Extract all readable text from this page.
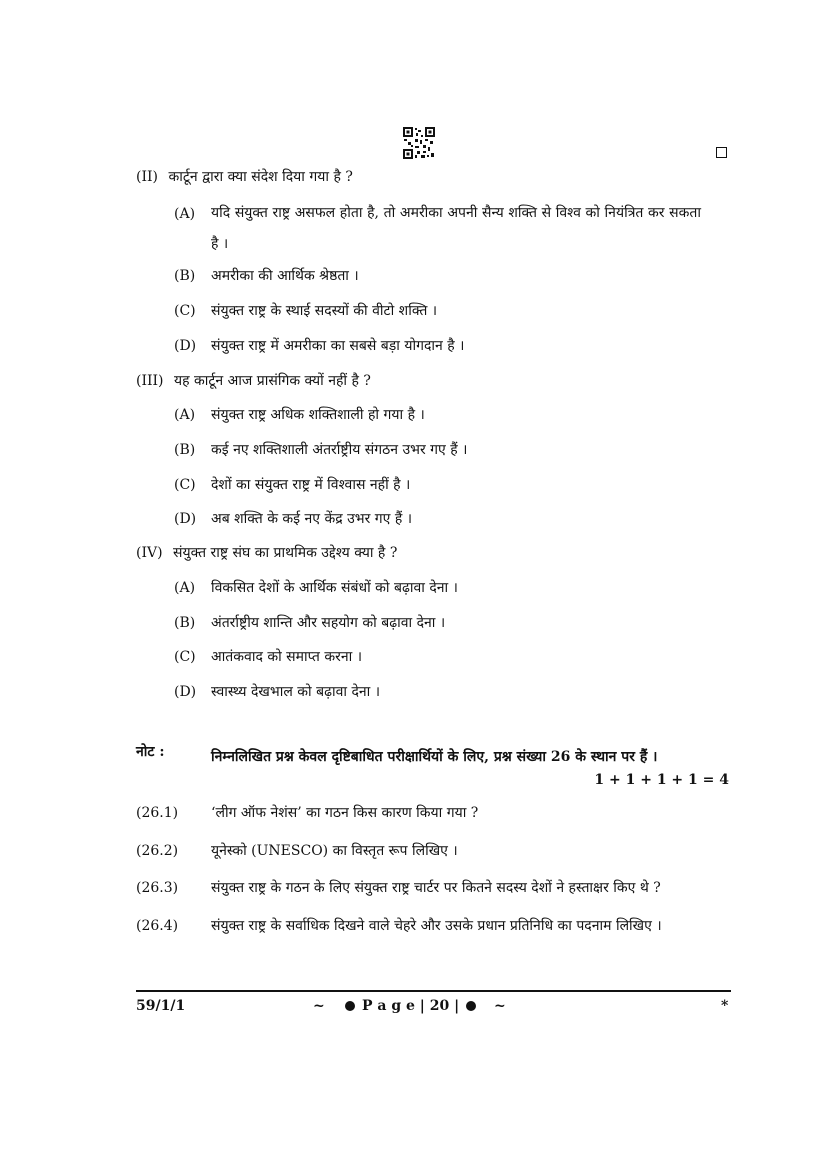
(II) कार्टून द्वारा क्या संदेश दिया गया है ?
(A)	यदि संयुक्त राष्ट्र असफल होता है, तो अमरीका अपनी सैन्य शक्ति से विश्व को नियंत्रित कर सकता है ।
(B)	अमरीका की आर्थिक श्रेष्ठता ।
(C)	संयुक्त राष्ट्र के स्थाई सदस्यों की वीटो शक्ति ।
(D)	संयुक्त राष्ट्र में अमरीका का सबसे बड़ा योगदान है ।
(III) यह कार्टून आज प्रासंगिक क्यों नहीं है ?
(A)	संयुक्त राष्ट्र अधिक शक्तिशाली हो गया है ।
(B)	कई नए शक्तिशाली अंतर्राष्ट्रीय संगठन उभर गए हैं ।
(C)	देशों का संयुक्त राष्ट्र में विश्वास नहीं है ।
(D)	अब शक्ति के कई नए केंद्र उभर गए हैं ।
(IV) संयुक्त राष्ट्र संघ का प्राथमिक उद्देश्य क्या है ?
(A)	विकसित देशों के आर्थिक संबंधों को बढ़ावा देना ।
(B)	अंतर्राष्ट्रीय शान्ति और सहयोग को बढ़ावा देना ।
(C)	आतंकवाद को समाप्त करना ।
(D)	स्वास्थ्य देखभाल को बढ़ावा देना ।
नोट :	निम्नलिखित प्रश्न केवल दृष्टिबाधित परीक्षार्थियों के लिए, प्रश्न संख्या 26 के स्थान पर हैं ।
1 + 1 + 1 + 1 = 4
(26.1)	‘लीग ऑफ नेशंस’ का गठन किस कारण किया गया ?
(26.2)	यूनेस्को (UNESCO) का विस्तृत रूप लिखिए ।
(26.3)	संयुक्त राष्ट्र के गठन के लिए संयुक्त राष्ट्र चार्टर पर कितने सदस्य देशों ने हस्ताक्षर किए थे ?
(26.4)	संयुक्त राष्ट्र के सर्वाधिक दिखने वाले चेहरे और उसके प्रधान प्रतिनिधि का पदनाम लिखिए ।
59/1/1	~	P a g e | 20 | ~	*
